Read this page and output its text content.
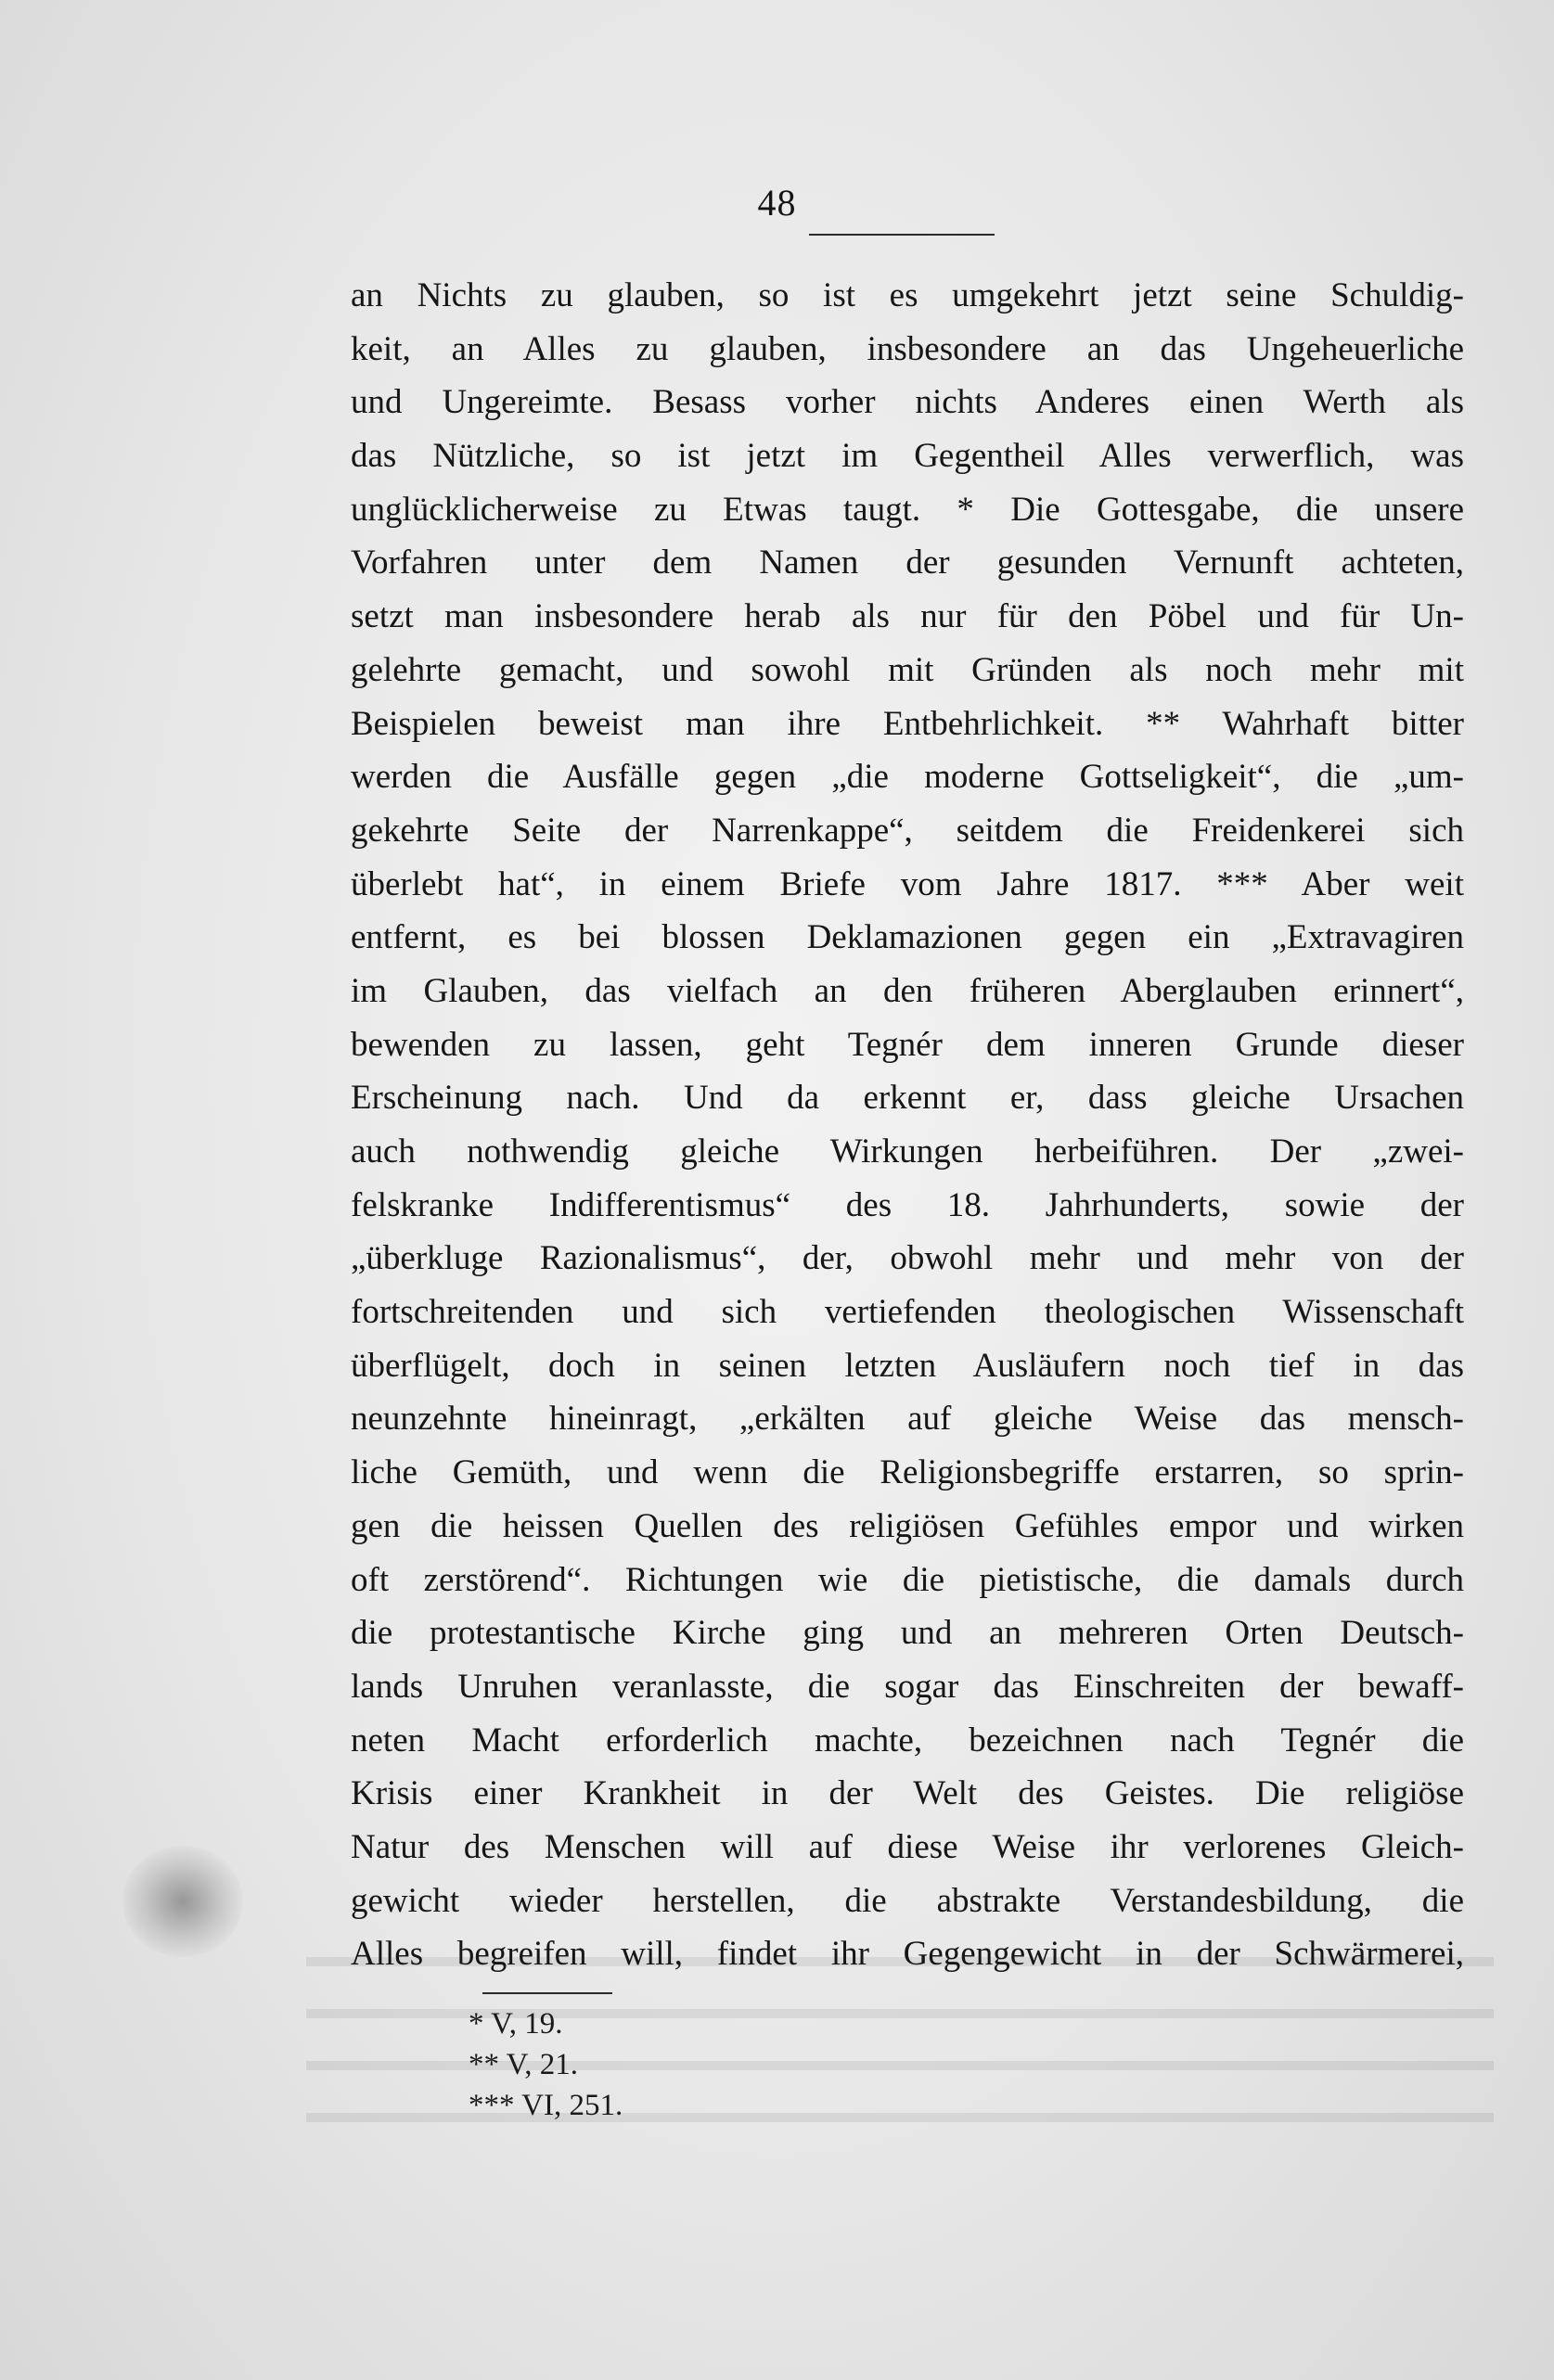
48
an Nichts zu glauben, so ist es umgekehrt jetzt seine Schuldig-
keit, an Alles zu glauben, insbesondere an das Ungeheuerliche
und Ungereimte. Besass vorher nichts Anderes einen Werth als
das Nützliche, so ist jetzt im Gegentheil Alles verwerflich, was
unglücklicherweise zu Etwas taugt. * Die Gottesgabe, die unsere
Vorfahren unter dem Namen der gesunden Vernunft achteten,
setzt man insbesondere herab als nur für den Pöbel und für Un-
gelehrte gemacht, und sowohl mit Gründen als noch mehr mit
Beispielen beweist man ihre Entbehrlichkeit. ** Wahrhaft bitter
werden die Ausfälle gegen „die moderne Gottseligkeit“, die „um-
gekehrte Seite der Narrenkappe“, seitdem die Freidenkerei sich
überlebt hat“, in einem Briefe vom Jahre 1817. *** Aber weit
entfernt, es bei blossen Deklamazionen gegen ein „Extravagiren
im Glauben, das vielfach an den früheren Aberglauben erinnert“,
bewenden zu lassen, geht Tegnér dem inneren Grunde dieser
Erscheinung nach. Und da erkennt er, dass gleiche Ursachen
auch nothwendig gleiche Wirkungen herbeiführen. Der „zwei-
felskranke Indifferentismus“ des 18. Jahrhunderts, sowie der
„überkluge Razionalismus“, der, obwohl mehr und mehr von der
fortschreitenden und sich vertiefenden theologischen Wissenschaft
überflügelt, doch in seinen letzten Ausläufern noch tief in das
neunzehnte hineinragt, „erkälten auf gleiche Weise das mensch-
liche Gemüth, und wenn die Religionsbegriffe erstarren, so sprin-
gen die heissen Quellen des religiösen Gefühles empor und wirken
oft zerstörend“. Richtungen wie die pietistische, die damals durch
die protestantische Kirche ging und an mehreren Orten Deutsch-
lands Unruhen veranlasste, die sogar das Einschreiten der bewaff-
neten Macht erforderlich machte, bezeichnen nach Tegnér die
Krisis einer Krankheit in der Welt des Geistes. Die religiöse
Natur des Menschen will auf diese Weise ihr verlorenes Gleich-
gewicht wieder herstellen, die abstrakte Verstandesbildung, die
Alles begreifen will, findet ihr Gegengewicht in der Schwärmerei,
* V, 19.
** V, 21.
*** VI, 251.
